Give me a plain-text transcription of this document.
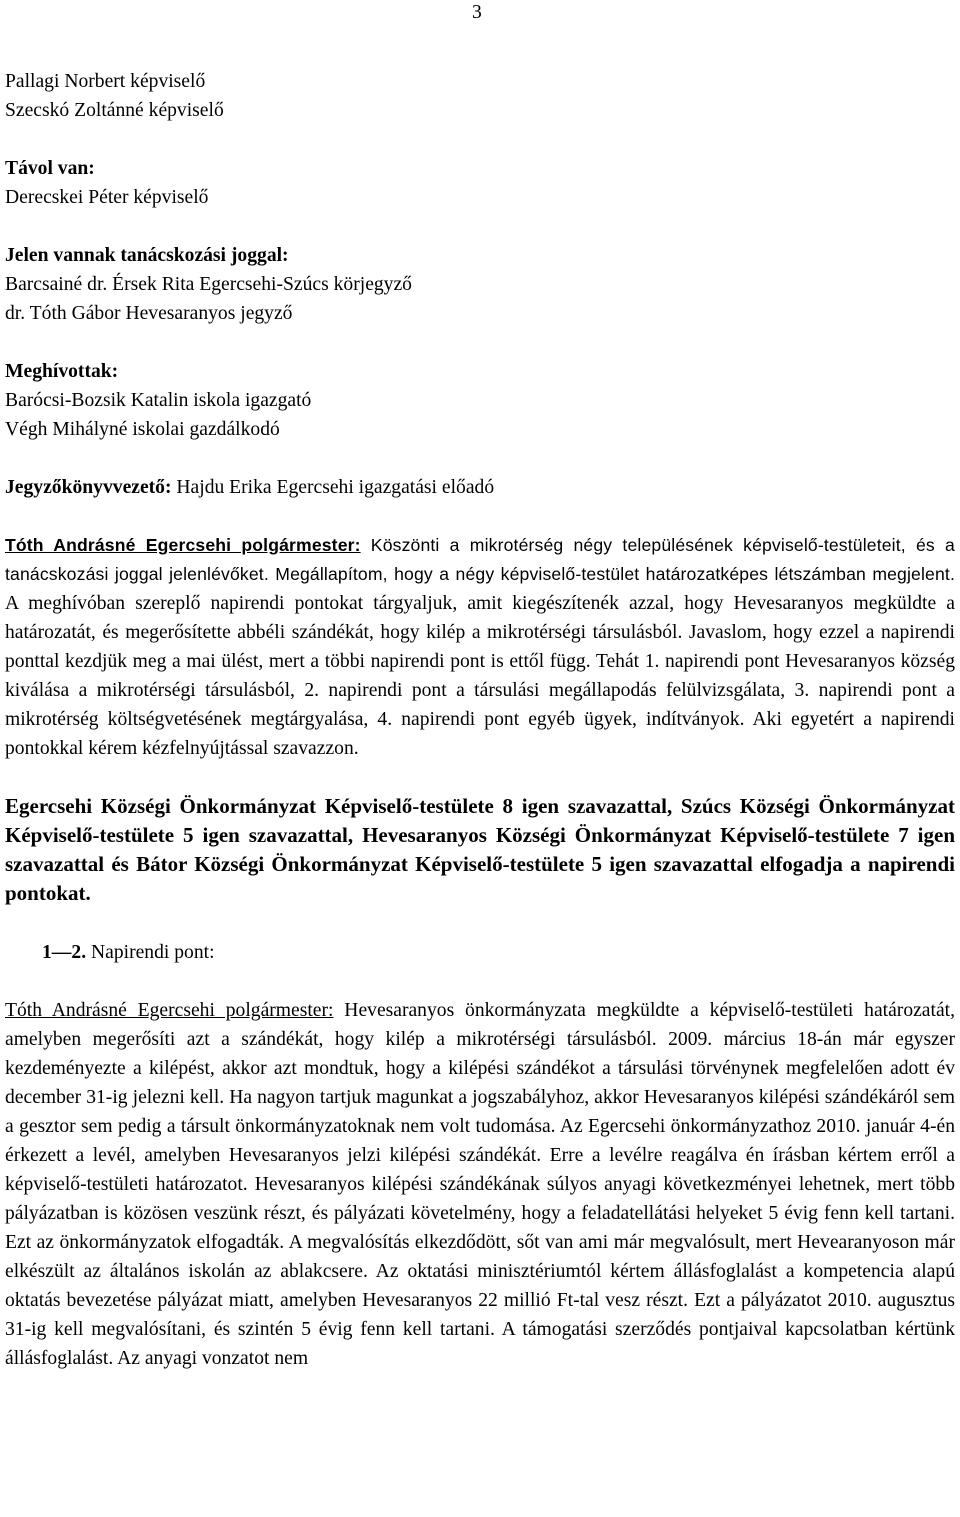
3

Pallagi Norbert képviselő

Szecskó Zoltánné képviselő

Távol van:

Derecskei Péter képviselő

Jelen vannak tanácskozási joggal:

Barcsainé dr. Érsek Rita Egercsehi-Szúcs körjegyző

dr. Tóth Gábor Hevesaranyos jegyző

Meghívottak:

Barócsi-Bozsik Katalin iskola igazgató

Végh Mihályné iskolai gazdálkodó

Jegyzőkönyvvezető: Hajdu Erika Egercsehi igazgatási előadó

Tóth Andrásné Egercsehi polgármester: Köszönti a mikrotérség négy településének képviselő-testületeit, és a tanácskozási joggal jelenlévőket. Megállapítom, hogy a négy képviselő-testület határozatképes létszámban megjelent. A meghívóban szereplő napirendi pontokat tárgyaljuk, amit kiegészítenék azzal, hogy Hevesaranyos megküldte a határozatát, és megerősítette abbéli szándékát, hogy kilép a mikrotérségi társulásból. Javaslom, hogy ezzel a napirendi ponttal kezdjük meg a mai ülést, mert a többi napirendi pont is ettől függ. Tehát 1. napirendi pont Hevesaranyos község kiválása a mikrotérségi társulásból, 2. napirendi pont a társulási megállapodás felülvizsgálata, 3. napirendi pont a mikrotérség költségvetésének megtárgyalása, 4. napirendi pont egyéb ügyek, indítványok. Aki egyetért a napirendi pontokkal kérem kézfelnyújtással szavazzon.

Egercsehi Községi Önkormányzat Képviselő-testülete 8 igen szavazattal, Szúcs Községi Önkormányzat Képviselő-testülete 5 igen szavazattal, Hevesaranyos Községi Önkormányzat Képviselő-testülete 7 igen szavazattal és Bátor Községi Önkormányzat Képviselő-testülete 5 igen szavazattal elfogadja a napirendi pontokat.

1—2. Napirendi pont:

Tóth Andrásné Egercsehi polgármester: Hevesaranyos önkormányzata megküldte a képviselő-testületi határozatát, amelyben megerősíti azt a szándékát, hogy kilép a mikrotérségi társulásból. 2009. március 18-án már egyszer kezdeményezte a kilépést, akkor azt mondtuk, hogy a kilépési szándékot a társulási törvénynek megfelelően adott év december 31-ig jelezni kell. Ha nagyon tartjuk magunkat a jogszabályhoz, akkor Hevesaranyos kilépési szándékáról sem a gesztor sem pedig a társult önkormányzatoknak nem volt tudomása. Az Egercsehi önkormányzathoz 2010. január 4-én érkezett a levél, amelyben Hevesaranyos jelzi kilépési szándékát. Erre a levélre reagálva én írásban kértem erről a képviselő-testületi határozatot. Hevesaranyos kilépési szándékának súlyos anyagi következményei lehetnek, mert több pályázatban is közösen veszünk részt, és pályázati követelmény, hogy a feladatellátási helyeket 5 évig fenn kell tartani. Ezt az önkormányzatok elfogadták. A megvalósítás elkezdődött, sőt van ami már megvalósult, mert Hevearanyoson már elkészült az általános iskolán az ablakcsere. Az oktatási minisztériumtól kértem állásfoglalást a kompetencia alapú oktatás bevezetése pályázat miatt, amelyben Hevesaranyos 22 millió Ft-tal vesz részt. Ezt a pályázatot 2010. augusztus 31-ig kell megvalósítani, és szintén 5 évig fenn kell tartani. A támogatási szerződés pontjaival kapcsolatban kértünk állásfoglalást. Az anyagi vonzatot nem
